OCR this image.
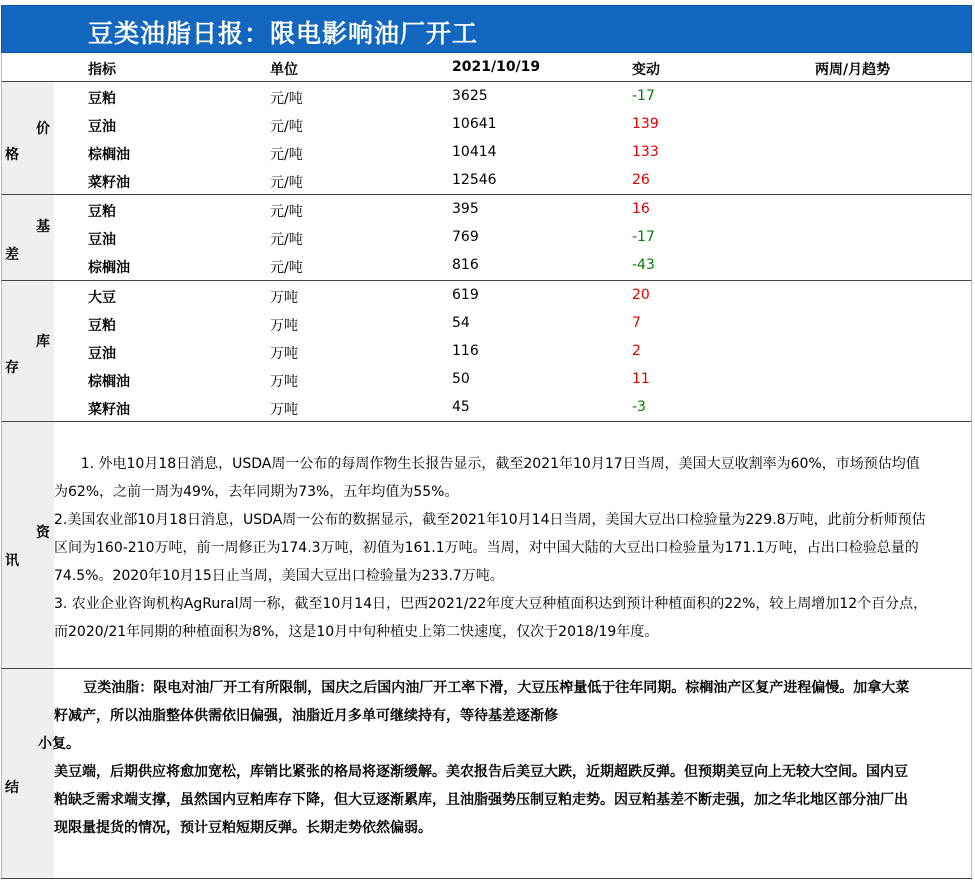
豆类油脂日报：限电影响油厂开工
指标	单位	2021/10/19	变动	两周/月趋势
价
格
豆粕	元/吨	3625	-17
豆油	元/吨	10641	139
棕榈油	元/吨	10414	133
菜籽油	元/吨	12546	26
基
差
豆粕	元/吨	395	16
豆油	元/吨	769	-17
棕榈油	元/吨	816	-43
库
存
大豆	万吨	619	20
豆粕	万吨	54	7
豆油	万吨	116	2
棕榈油	万吨	50	11
菜籽油	万吨	45	-3
资
讯
1. 外电10月18日消息，USDA周一公布的每周作物生长报告显示，截至2021年10月17日当周，美国大豆收割率为60%，市场预估均值
为62%，之前一周为49%，去年同期为73%，五年均值为55%。
2.美国农业部10月18日消息，USDA周一公布的数据显示，截至2021年10月14日当周，美国大豆出口检验量为229.8万吨，此前分析师预估
区间为160-210万吨，前一周修正为174.3万吨，初值为161.1万吨。当周，对中国大陆的大豆出口检验量为171.1万吨，占出口检验总量的
74.5%。2020年10月15日止当周，美国大豆出口检验量为233.7万吨。
3. 农业企业咨询机构AgRural周一称，截至10月14日，巴西2021/22年度大豆种植面积达到预计种植面积的22%，较上周增加12个百分点，
而2020/21年同期的种植面积为8%，这是10月中旬种植史上第二快速度，仅次于2018/19年度。
结
豆类油脂：限电对油厂开工有所限制，国庆之后国内油厂开工率下滑，大豆压榨量低于往年同期。棕榈油产区复产进程偏慢。加拿大菜
籽减产，所以油脂整体供需依旧偏强，油脂近月多单可继续持有，等待基差逐渐修
小复。
美豆端，后期供应将愈加宽松，库销比紧张的格局将逐渐缓解。美农报告后美豆大跌，近期超跌反弹。但预期美豆向上无较大空间。国内豆
粕缺乏需求端支撑，虽然国内豆粕库存下降，但大豆逐渐累库，且油脂强势压制豆粕走势。因豆粕基差不断走强，加之华北地区部分油厂出
现限量提货的情况，预计豆粕短期反弹。长期走势依然偏弱。
